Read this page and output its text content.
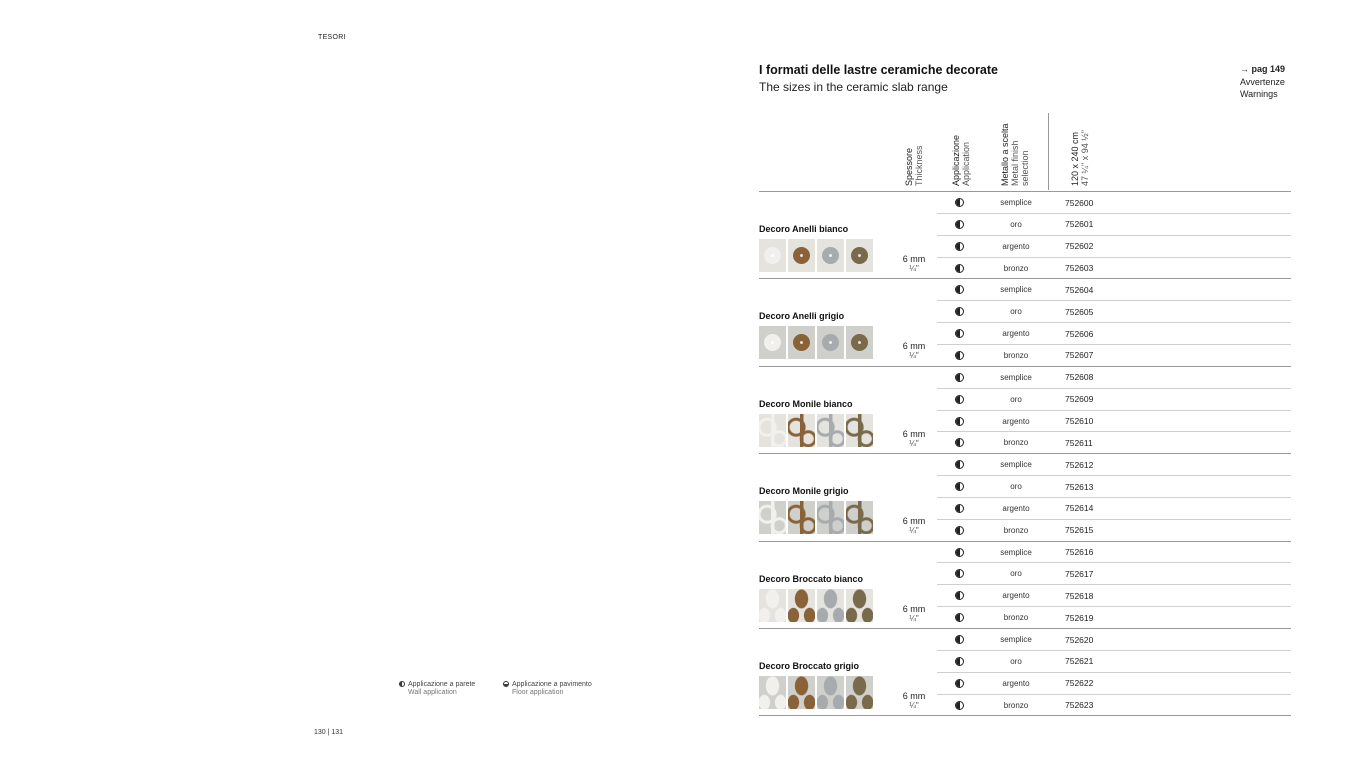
TESORI
130 | 131
Applicazione a parete
Wall application
Applicazione a pavimento
Floor application
I formati delle lastre ceramiche decorate
The sizes in the ceramic slab range
→ pag 149
Avvertenze
Warnings
Spessore Thickness	Applicazione Application	Metallo a scelta Metal finish selection	120 x 240 cm 47 ¼" x 94 ½"
Decoro Anelli bianco
6 mm
¼"
semplice	752600
oro	752601
argento	752602
bronzo	752603
Decoro Anelli grigio
6 mm
¼"
semplice	752604
oro	752605
argento	752606
bronzo	752607
Decoro Monile bianco
6 mm
¼"
semplice	752608
oro	752609
argento	752610
bronzo	752611
Decoro Monile grigio
6 mm
¼"
semplice	752612
oro	752613
argento	752614
bronzo	752615
Decoro Broccato bianco
6 mm
¼"
semplice	752616
oro	752617
argento	752618
bronzo	752619
Decoro Broccato grigio
6 mm
¼"
semplice	752620
oro	752621
argento	752622
bronzo	752623
